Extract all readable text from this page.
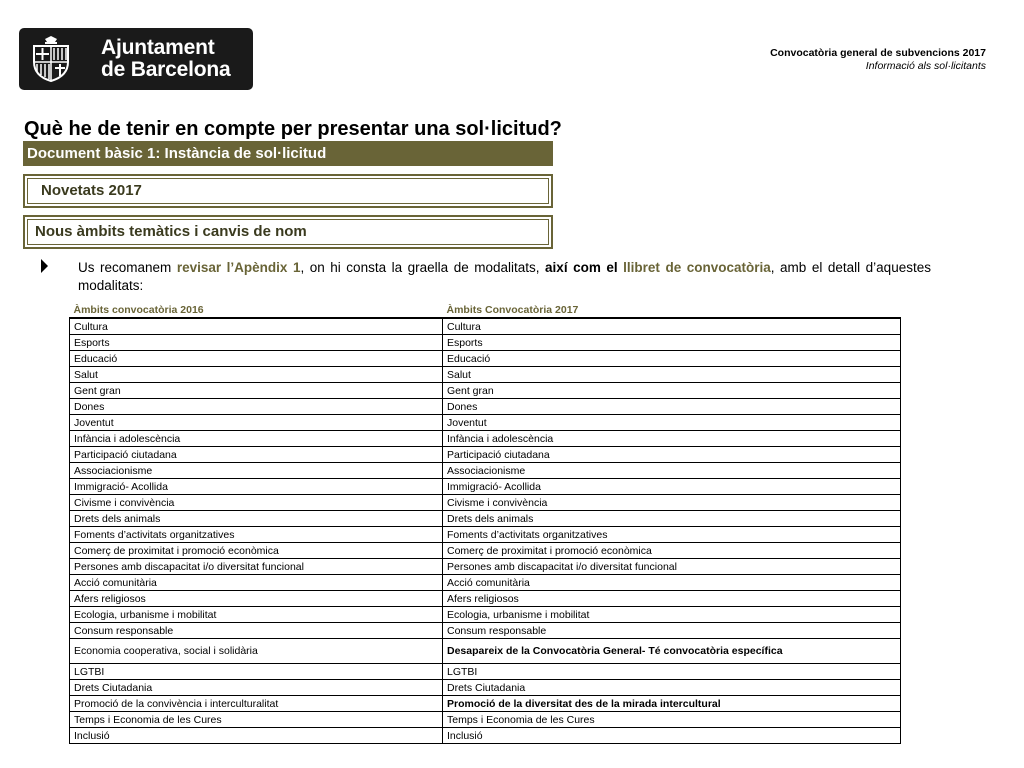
Ajuntament
de Barcelona
Convocatòria general de subvencions 2017
Informació als sol·licitants
Què he de tenir en compte per presentar una sol·licitud?
Document bàsic 1: Instància de sol·licitud
Novetats 2017
Nous àmbits temàtics i canvis de nom
Us recomanem revisar l’Apèndix 1, on hi consta la graella de modalitats, així com el llibret de convocatòria, amb el detall d’aquestes modalitats:
Àmbits convocatòria 2016	Àmbits Convocatòria 2017
Cultura	Cultura
Esports	Esports
Educació	Educació
Salut	Salut
Gent gran	Gent gran
Dones	Dones
Joventut	Joventut
Infància i adolescència	Infància i adolescència
Participació ciutadana	Participació ciutadana
Associacionisme	Associacionisme
Immigració- Acollida	Immigració- Acollida
Civisme i convivència	Civisme i convivència
Drets dels animals	Drets dels animals
Foments d’activitats organitzatives	Foments d’activitats organitzatives
Comerç de proximitat i promoció econòmica	Comerç de proximitat i promoció econòmica
Persones amb discapacitat i/o diversitat funcional	Persones amb discapacitat i/o diversitat funcional
Acció comunitària	Acció comunitària
Afers religiosos	Afers religiosos
Ecologia, urbanisme i mobilitat	Ecologia, urbanisme i mobilitat
Consum responsable	Consum responsable
Economia cooperativa, social i solidària	Desapareix de la Convocatòria General- Té convocatòria específica
LGTBI	LGTBI
Drets Ciutadania	Drets Ciutadania
Promoció de la convivència i interculturalitat	Promoció de la diversitat des de la mirada intercultural
Temps i Economia de les Cures	Temps i Economia de les Cures
Inclusió	Inclusió
